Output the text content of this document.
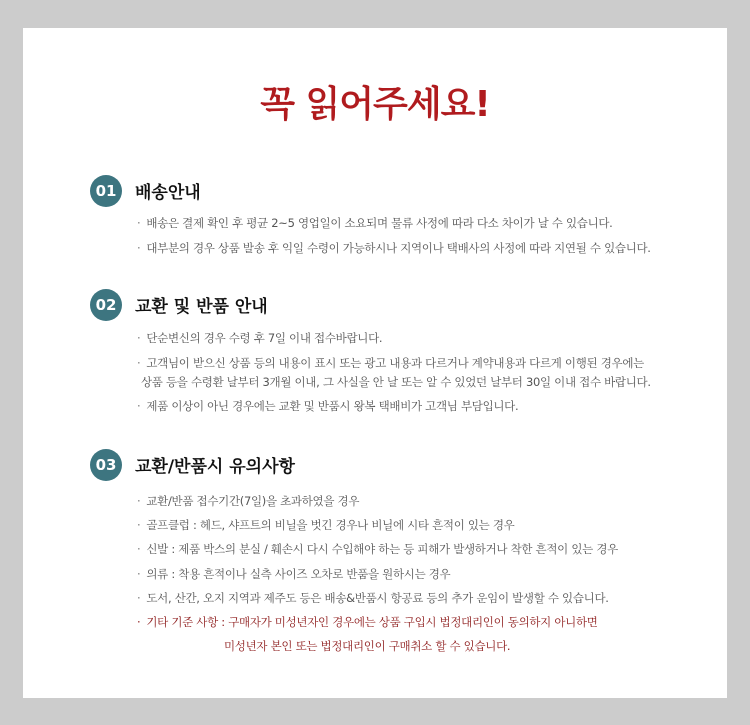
꼭 읽어주세요!
01	배송안내
· 배송은 결제 확인 후 평균 2~5 영업일이 소요되며 물류 사정에 따라 다소 차이가 날 수 있습니다.
· 대부분의 경우 상품 발송 후 익일 수령이 가능하시나 지역이나 택배사의 사정에 따라 지연될 수 있습니다.
02	교환 및 반품 안내
· 단순변신의 경우 수령 후 7일 이내 접수바랍니다.
· 고객님이 받으신 상품 등의 내용이 표시 또는 광고 내용과 다르거나 계약내용과 다르게 이행된 경우에는
상품 등을 수령환 날부터 3개월 이내, 그 사실을 안 날 또는 알 수 있었던 날부터 30일 이내 접수 바랍니다.
· 제품 이상이 아닌 경우에는 교환 및 반품시 왕복 택배비가 고객님 부담입니다.
03	교환/반품시 유의사항
· 교환/반품 접수기간(7일)을 초과하였을 경우
· 골프클럽 : 헤드, 샤프트의 비닐을 벗긴 경우나 비닐에 시타 흔적이 있는 경우
· 신발 : 제품 박스의 분실 / 훼손시 다시 수입해야 하는 등 피해가 발생하거나 착한 흔적이 있는 경우
· 의류 : 착용 흔적이나 실측 사이즈 오차로 반품을 원하시는 경우
· 도서, 산간, 오지 지역과 제주도 등은 배송&반품시 항공료 등의 추가 운임이 발생할 수 있습니다.
· 기타 기준 사항 : 구매자가 미성년자인 경우에는 상품 구입시 법정대리인이 동의하지 아니하면
미성년자 본인 또는 법정대리인이 구매취소 할 수 있습니다.
